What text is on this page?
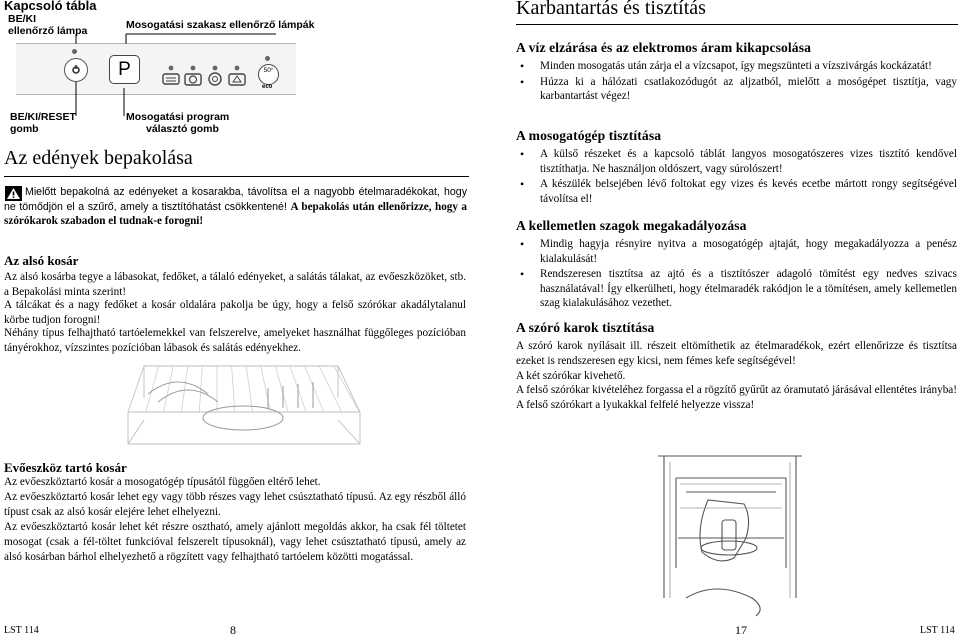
Kapcsoló tábla
BE/KI
ellenőrző lámpa	Mosogatási szakasz ellenőrző lámpák
P	50°
eco
BE/KI/RESET
gomb
Mosogatási program
választó gomb
Az edények bepakolása

Mielőtt bepakolná az edényeket a kosarakba, távolítsa el a nagyobb ételmaradékokat, hogy ne tömődjön el a szűrő, amely a tisztítóhatást csökkentené! A bepakolás után ellenőrizze, hogy a szórókarok szabadon el tudnak-e forogni!

Az alsó kosár

Az alsó kosárba tegye a lábasokat, fedőket, a tálaló edényeket, a salátás tálakat, az evőeszközöket, stb. a Bepakolási minta szerint!

A tálcákat és a nagy fedőket a kosár oldalára pakolja be úgy, hogy a felső szórókar akadálytalanul körbe tudjon forogni!

Néhány típus felhajtható tartóelemekkel van felszerelve, amelyeket használhat függőleges pozícióban tányérokhoz, vízszintes pozícióban lábasok és salátás edényekhez.

Evőeszköz tartó kosár

Az evőeszköztartó kosár a mosogatógép típusától függően eltérő lehet.

Az evőeszköztartó kosár lehet egy vagy több részes vagy lehet csúsztatható típusú. Az egy részből álló típust csak az alsó kosár elejére lehet elhelyezni.

Az evőeszköztartó kosár lehet két részre osztható, amely ajánlott megoldás akkor, ha csak fél töltetet mosogat (csak a fél-töltet funkcióval felszerelt típusoknál), vagy lehet csúsztatható típusú, amely az alsó kosárban bárhol elhelyezhető a rögzített vagy felhajtható tartóelem közötti mogatással.

LST 114	8
Karbantartás és tisztítás
A víz elzárása és az elektromos áram kikapcsolása
• Minden mosogatás után zárja el a vízcsapot, így megszünteti a vízszivárgás kockázatát!
• Húzza ki a hálózati csatlakozódugót az aljzatból, mielőtt a mosógépet tisztítja, vagy karbantartást végez!
A mosogatógép tisztítása
• A külső részeket és a kapcsoló táblát langyos mosogatószeres vizes tisztító kendővel tisztíthatja. Ne használjon oldószert, vagy súrolószert!
• A készülék belsejében lévő foltokat egy vizes és kevés ecetbe mártott rongy segítségével távolítsa el!
A kellemetlen szagok megakadályozása
• Mindig hagyja résnyire nyitva a mosogatógép ajtaját, hogy megakadályozza a penész kialakulását!
• Rendszeresen tisztítsa az ajtó és a tisztítószer adagoló tömítést egy nedves szivacs használatával! Így elkerülheti, hogy ételmaradék rakódjon le a tömítésen, amely kellemetlen szag kialakulásához vezethet.
A szóró karok tisztítása

A szóró karok nyílásait ill. részeit eltömíthetik az ételmaradékok, ezért ellenőrizze és tisztítsa ezeket is rendszeresen egy kicsi, nem fémes kefe segítségével!

A két szórókar kivehető.

A felső szórókar kivételéhez forgassa el a rögzítő gyűrűt az óramutató járásával ellentétes irányba! A felső szórókart a lyukakkal felfelé helyezze vissza!

17	LST 114
